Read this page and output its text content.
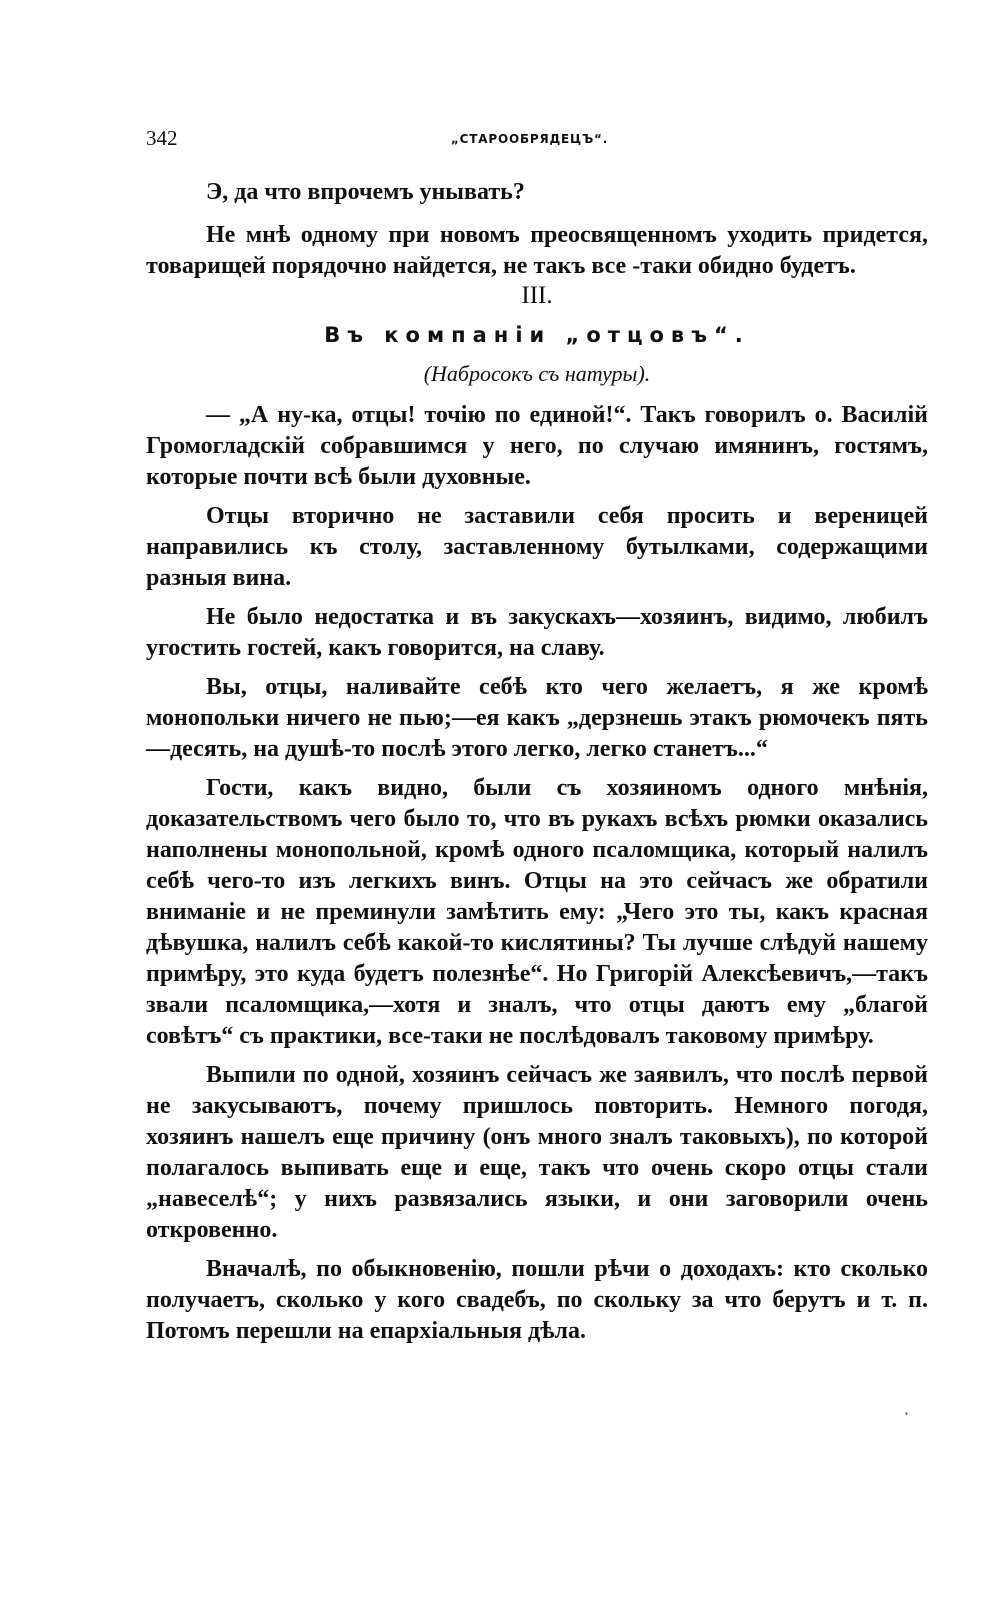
342	„СТАРООБРЯДЕЦЪ“.

Э, да что впрочемъ унывать?

Не мнѣ одному при новомъ преосвященномъ уходить придется, товарищей порядочно найдется, не такъ все -таки обидно будетъ.

III.
Въ компаніи „отцовъ“.
(Набросокъ съ натуры).

— „А ну-ка, отцы! точію по единой!“. Такъ говорилъ о. Василій Громогладскій собравшимся у него, по случаю имянинъ, гостямъ, которые почти всѣ были духовные.

Отцы вторично не заставили себя просить и вереницей направились къ столу, заставленному бутылками, содержащими разныя вина.

Не было недостатка и въ закускахъ—хозяинъ, видимо, любилъ угостить гостей, какъ говорится, на славу.

Вы, отцы, наливайте себѣ кто чего желаетъ, я же кромѣ монопольки ничего не пью;—ея какъ „дерзнешь этакъ рюмочекъ пять—десять, на душѣ-то послѣ этого легко, легко станетъ...“

Гости, какъ видно, были съ хозяиномъ одного мнѣнія, доказательствомъ чего было то, что въ рукахъ всѣхъ рюмки оказались наполнены монопольной, кромѣ одного псаломщика, который налилъ себѣ чего-то изъ легкихъ винъ. Отцы на это сейчасъ же обратили вниманіе и не преминули замѣтить ему: „Чего это ты, какъ красная дѣвушка, налилъ себѣ какой-то кислятины? Ты лучше слѣдуй нашему примѣру, это куда будетъ полезнѣе“. Но Григорій Алексѣевичъ,—такъ звали псаломщика,—хотя и зналъ, что отцы даютъ ему „благой совѣтъ“ съ практики, все-таки не послѣдовалъ таковому примѣру.

Выпили по одной, хозяинъ сейчасъ же заявилъ, что послѣ первой не закусываютъ, почему пришлось повторить. Немного погодя, хозяинъ нашелъ еще причину (онъ много зналъ таковыхъ), по которой полагалось выпивать еще и еще, такъ что очень скоро отцы стали „навеселѣ“; у нихъ развязались языки, и они заговорили очень откровенно.

Вначалѣ, по обыкновенію, пошли рѣчи о доходахъ: кто сколько получаетъ, сколько у кого свадебъ, по скольку за что берутъ и т. п. Потомъ перешли на епархіальныя дѣла.

·
